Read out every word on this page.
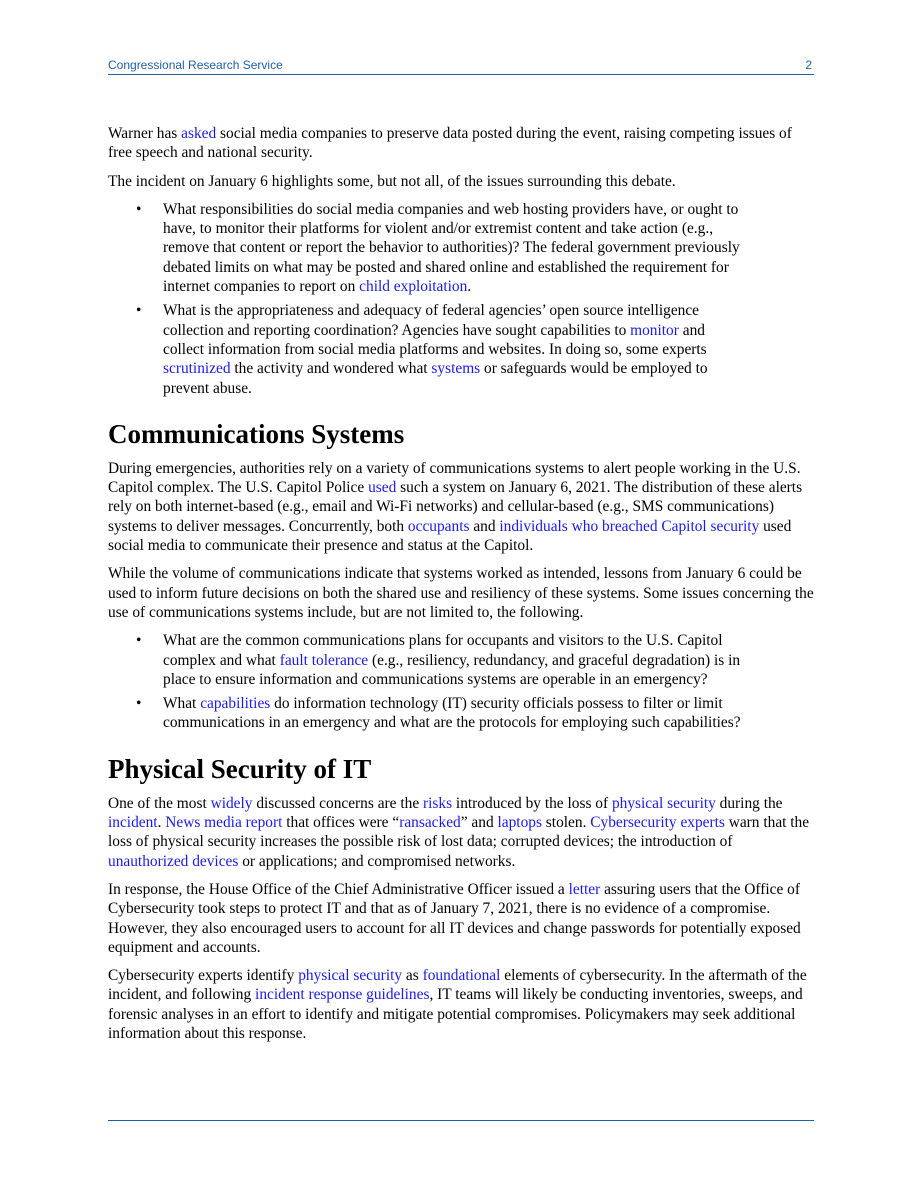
Congressional Research Service	2

Warner has asked social media companies to preserve data posted during the event, raising competing issues of free speech and national security.

The incident on January 6 highlights some, but not all, of the issues surrounding this debate.

• What responsibilities do social media companies and web hosting providers have, or ought to have, to monitor their platforms for violent and/or extremist content and take action (e.g., remove that content or report the behavior to authorities)? The federal government previously debated limits on what may be posted and shared online and established the requirement for internet companies to report on child exploitation.
• What is the appropriateness and adequacy of federal agencies’ open source intelligence collection and reporting coordination? Agencies have sought capabilities to monitor and collect information from social media platforms and websites. In doing so, some experts scrutinized the activity and wondered what systems or safeguards would be employed to prevent abuse.
Communications Systems

During emergencies, authorities rely on a variety of communications systems to alert people working in the U.S. Capitol complex. The U.S. Capitol Police used such a system on January 6, 2021. The distribution of these alerts rely on both internet-based (e.g., email and Wi-Fi networks) and cellular-based (e.g., SMS communications) systems to deliver messages. Concurrently, both occupants and individuals who breached Capitol security used social media to communicate their presence and status at the Capitol.

While the volume of communications indicate that systems worked as intended, lessons from January 6 could be used to inform future decisions on both the shared use and resiliency of these systems. Some issues concerning the use of communications systems include, but are not limited to, the following.

• What are the common communications plans for occupants and visitors to the U.S. Capitol complex and what fault tolerance (e.g., resiliency, redundancy, and graceful degradation) is in place to ensure information and communications systems are operable in an emergency?
• What capabilities do information technology (IT) security officials possess to filter or limit communications in an emergency and what are the protocols for employing such capabilities?
Physical Security of IT

One of the most widely discussed concerns are the risks introduced by the loss of physical security during the incident. News media report that offices were “ransacked” and laptops stolen. Cybersecurity experts warn that the loss of physical security increases the possible risk of lost data; corrupted devices; the introduction of unauthorized devices or applications; and compromised networks.

In response, the House Office of the Chief Administrative Officer issued a letter assuring users that the Office of Cybersecurity took steps to protect IT and that as of January 7, 2021, there is no evidence of a compromise. However, they also encouraged users to account for all IT devices and change passwords for potentially exposed equipment and accounts.

Cybersecurity experts identify physical security as foundational elements of cybersecurity. In the aftermath of the incident, and following incident response guidelines, IT teams will likely be conducting inventories, sweeps, and forensic analyses in an effort to identify and mitigate potential compromises. Policymakers may seek additional information about this response.
